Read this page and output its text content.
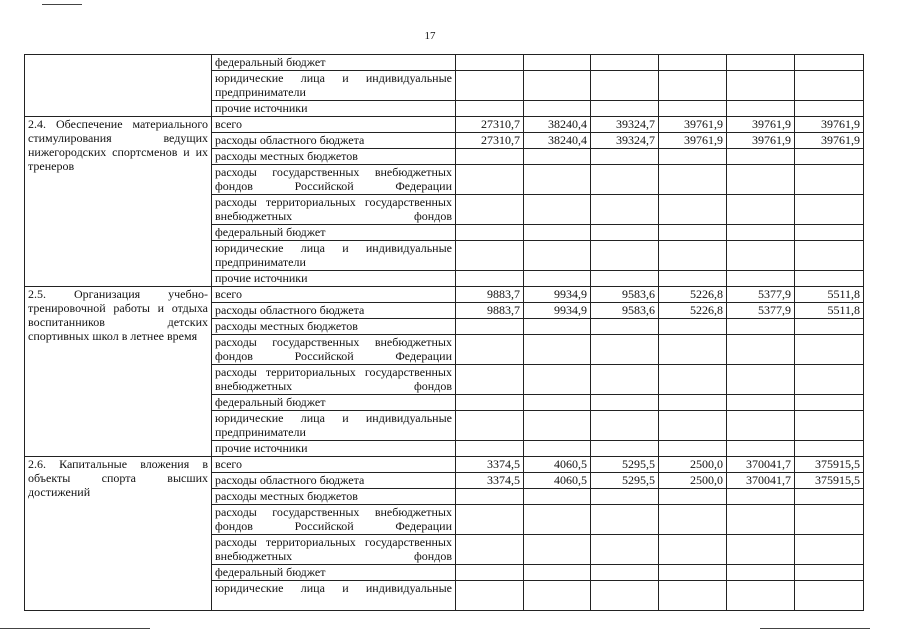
17
	федеральный бюджет						
	юридические лица и индивидуальные предприниматели						
	прочие источники						
2.4. Обеспечение материального стимулирования ведущих нижегородских спортсменов и их тренеров	всего	27310,7	38240,4	39324,7	39761,9	39761,9	39761,9
	расходы областного бюджета	27310,7	38240,4	39324,7	39761,9	39761,9	39761,9
	расходы местных бюджетов						
	расходы государственных внебюджетных фондов Российской Федерации						
	расходы территориальных государственных внебюджетных фондов						
	федеральный бюджет						
	юридические лица и индивидуальные предприниматели						
	прочие источники						
2.5. Организация учебно-тренировочной работы и отдыха воспитанников детских спортивных школ в летнее время	всего	9883,7	9934,9	9583,6	5226,8	5377,9	5511,8
	расходы областного бюджета	9883,7	9934,9	9583,6	5226,8	5377,9	5511,8
	расходы местных бюджетов						
	расходы государственных внебюджетных фондов Российской Федерации						
	расходы территориальных государственных внебюджетных фондов						
	федеральный бюджет						
	юридические лица и индивидуальные предприниматели						
	прочие источники						
2.6. Капитальные вложения в объекты спорта высших достижений	всего	3374,5	4060,5	5295,5	2500,0	370041,7	375915,5
	расходы областного бюджета	3374,5	4060,5	5295,5	2500,0	370041,7	375915,5
	расходы местных бюджетов						
	расходы государственных внебюджетных фондов Российской Федерации						
	расходы территориальных государственных внебюджетных фондов						
	федеральный бюджет						
	юридические лица и индивидуальные						
